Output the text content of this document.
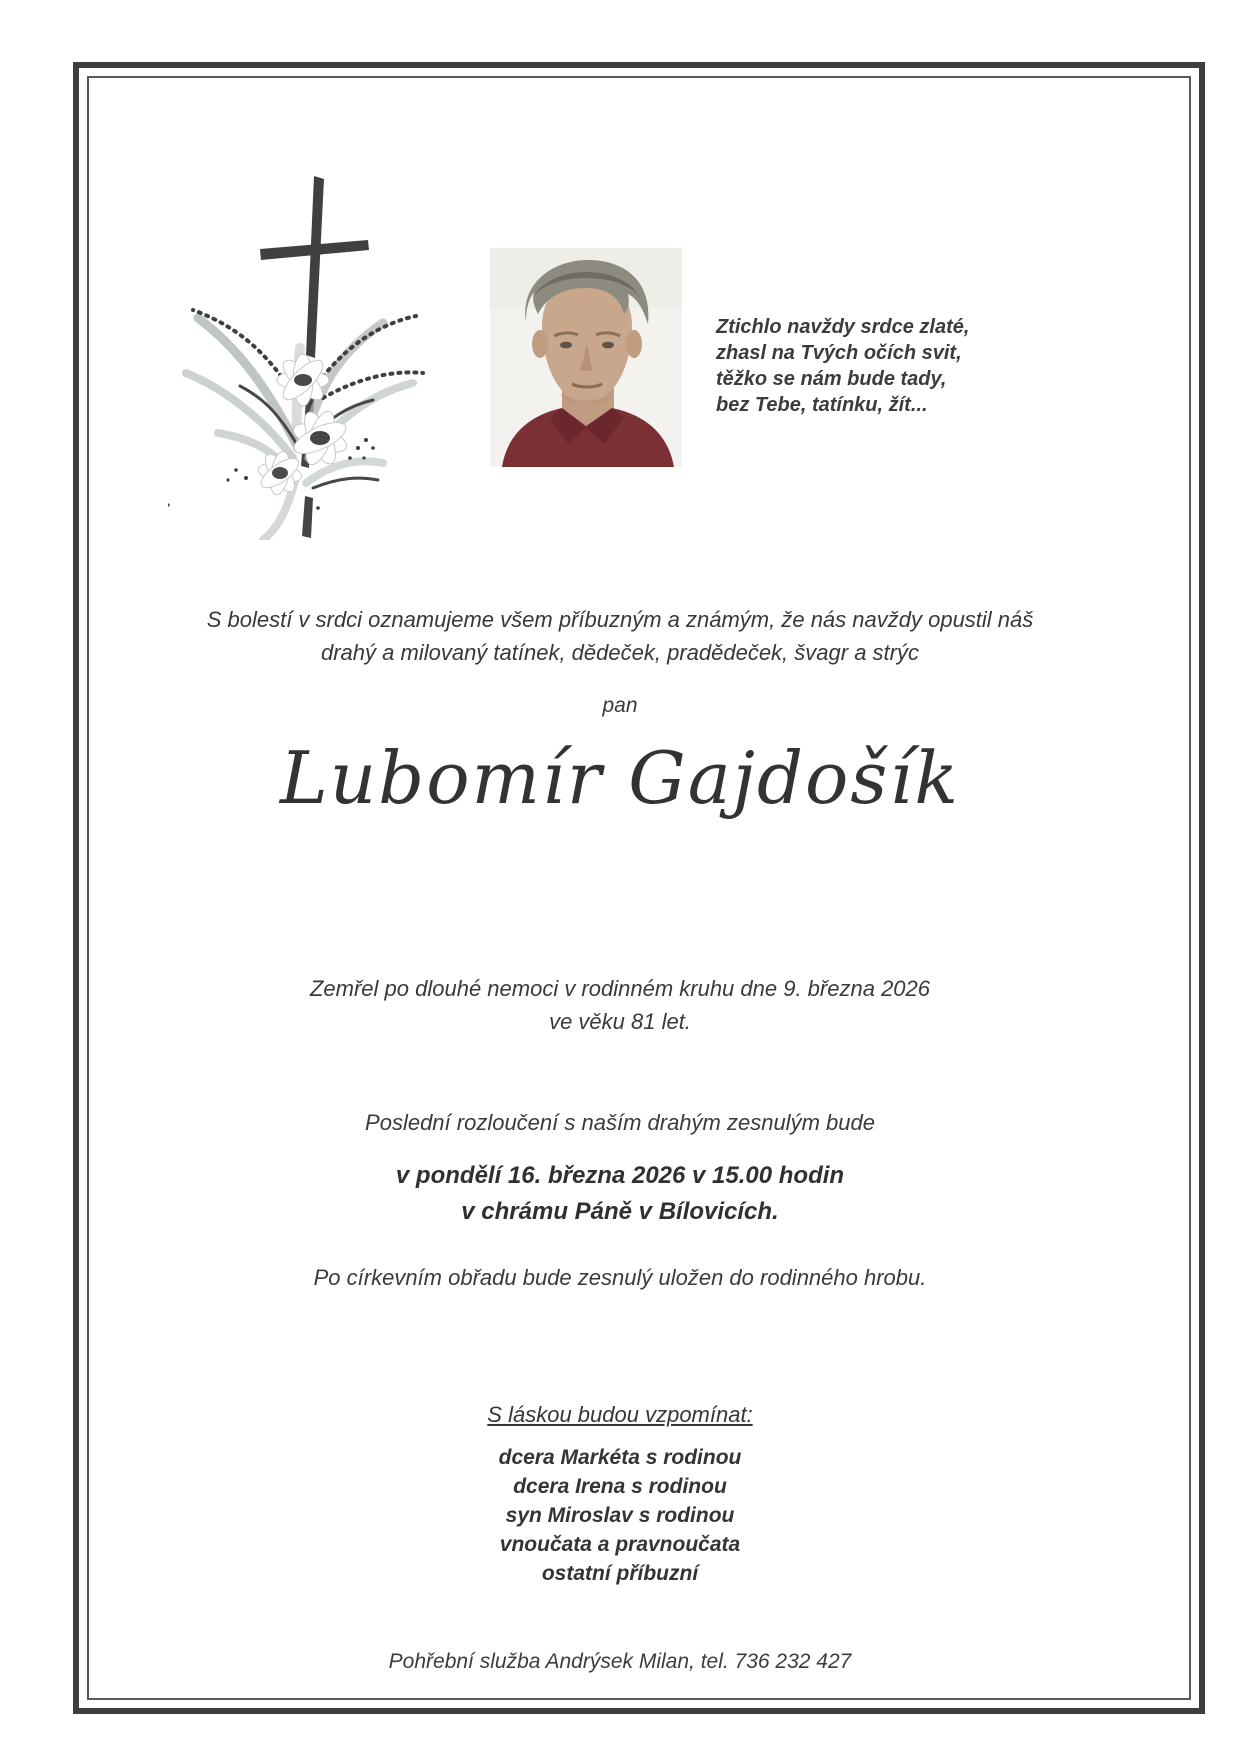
Ztichlo navždy srdce zlaté,
zhasl na Tvých očích svit,
těžko se nám bude tady,
bez Tebe, tatínku, žít...
S bolestí v srdci oznamujeme všem příbuzným a známým, že nás navždy opustil náš
drahý a milovaný tatínek, dědeček, pradědeček, švagr a strýc
pan
Lubomír Gajdošík
Zemřel po dlouhé nemoci v rodinném kruhu dne 9. března 2026
ve věku 81 let.
Poslední rozloučení s naším drahým zesnulým bude
v pondělí 16. března 2026 v 15.00 hodin
v chrámu Páně v Bílovicích.
Po církevním obřadu bude zesnulý uložen do rodinného hrobu.
S láskou budou vzpomínat:
dcera Markéta s rodinou
dcera Irena s rodinou
syn Miroslav s rodinou
vnoučata a pravnoučata
ostatní příbuzní
Pohřební služba Andrýsek Milan, tel. 736 232 427
